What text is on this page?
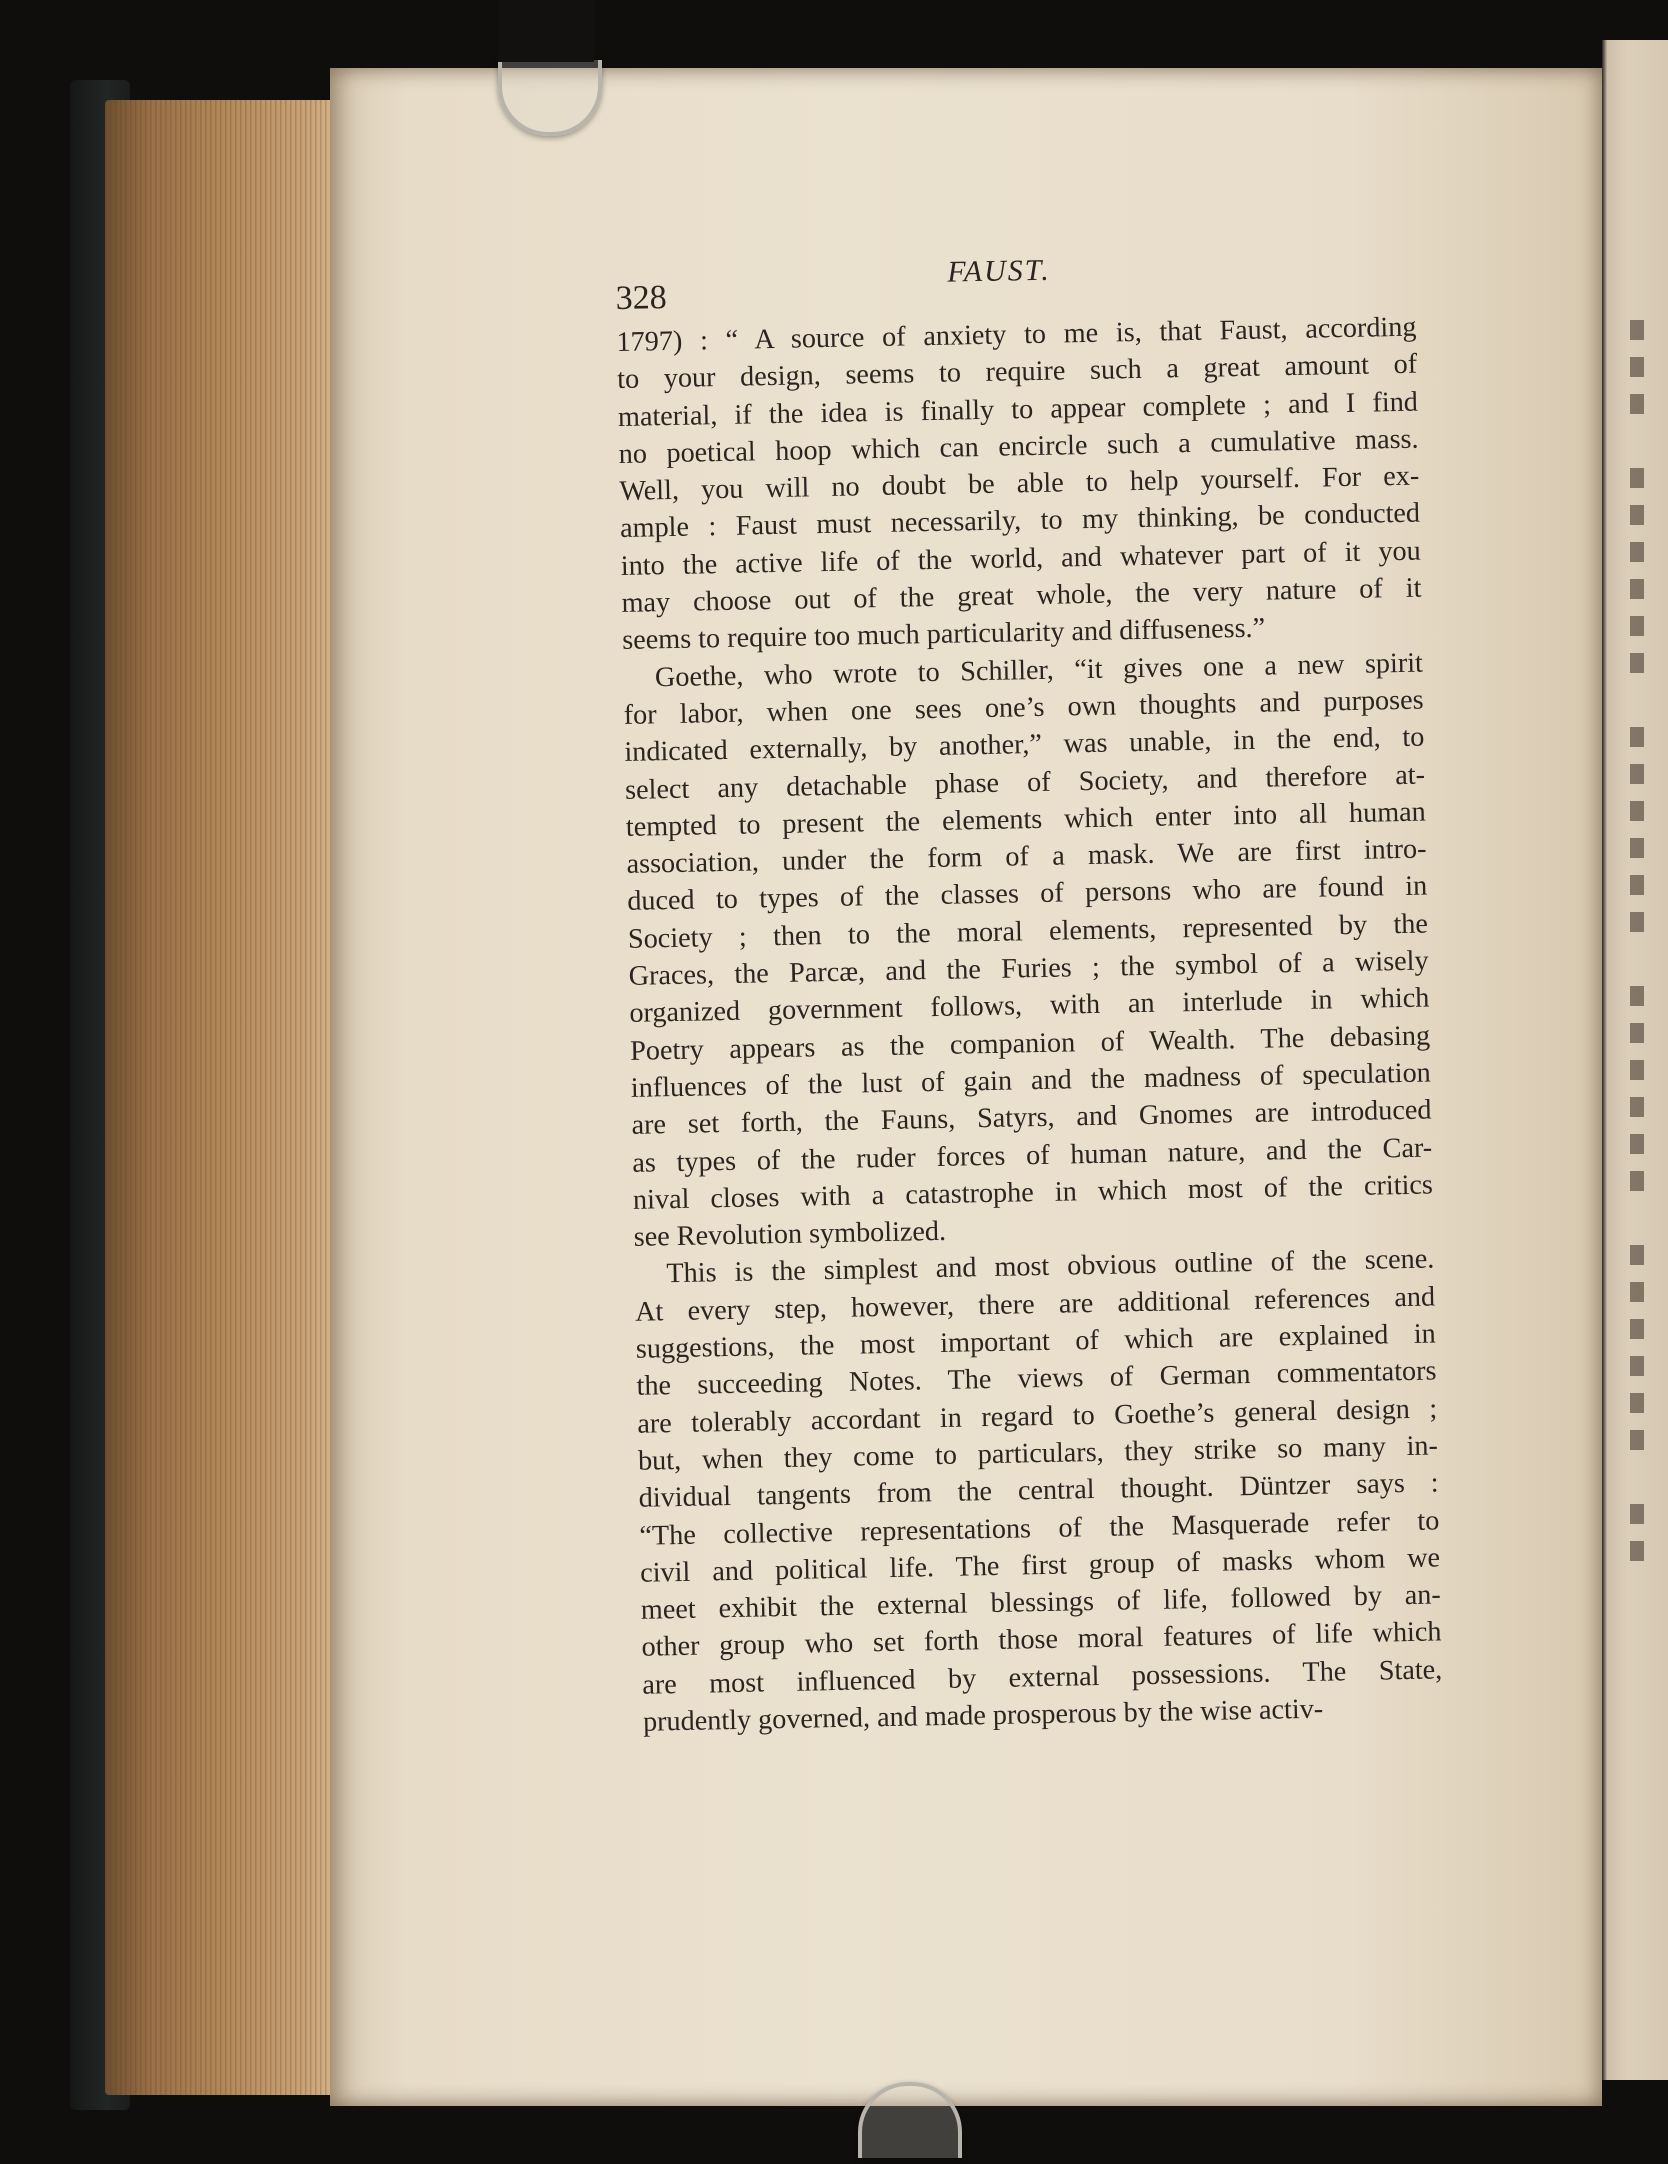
328
FAUST.

1797) : “ A source of anxiety to me is, that Faust, according
to your design, seems to require such a great amount of
material, if the idea is finally to appear complete ; and I find
no poetical hoop which can encircle such a cumulative mass.
Well, you will no doubt be able to help yourself. For ex-
ample : Faust must necessarily, to my thinking, be conducted
into the active life of the world, and whatever part of it you
may choose out of the great whole, the very nature of it
seems to require too much particularity and diffuseness.”

Goethe, who wrote to Schiller, “it gives one a new spirit
for labor, when one sees one’s own thoughts and purposes
indicated externally, by another,” was unable, in the end, to
select any detachable phase of Society, and therefore at-
tempted to present the elements which enter into all human
association, under the form of a mask. We are first intro-
duced to types of the classes of persons who are found in
Society ; then to the moral elements, represented by the
Graces, the Parcæ, and the Furies ; the symbol of a wisely
organized government follows, with an interlude in which
Poetry appears as the companion of Wealth. The debasing
influences of the lust of gain and the madness of speculation
are set forth, the Fauns, Satyrs, and Gnomes are introduced
as types of the ruder forces of human nature, and the Car-
nival closes with a catastrophe in which most of the critics
see Revolution symbolized.

This is the simplest and most obvious outline of the scene.
At every step, however, there are additional references and
suggestions, the most important of which are explained in
the succeeding Notes. The views of German commentators
are tolerably accordant in regard to Goethe’s general design ;
but, when they come to particulars, they strike so many in-
dividual tangents from the central thought. Düntzer says :
“The collective representations of the Masquerade refer to
civil and political life. The first group of masks whom we
meet exhibit the external blessings of life, followed by an-
other group who set forth those moral features of life which
are most influenced by external possessions. The State,
prudently governed, and made prosperous by the wise activ-
